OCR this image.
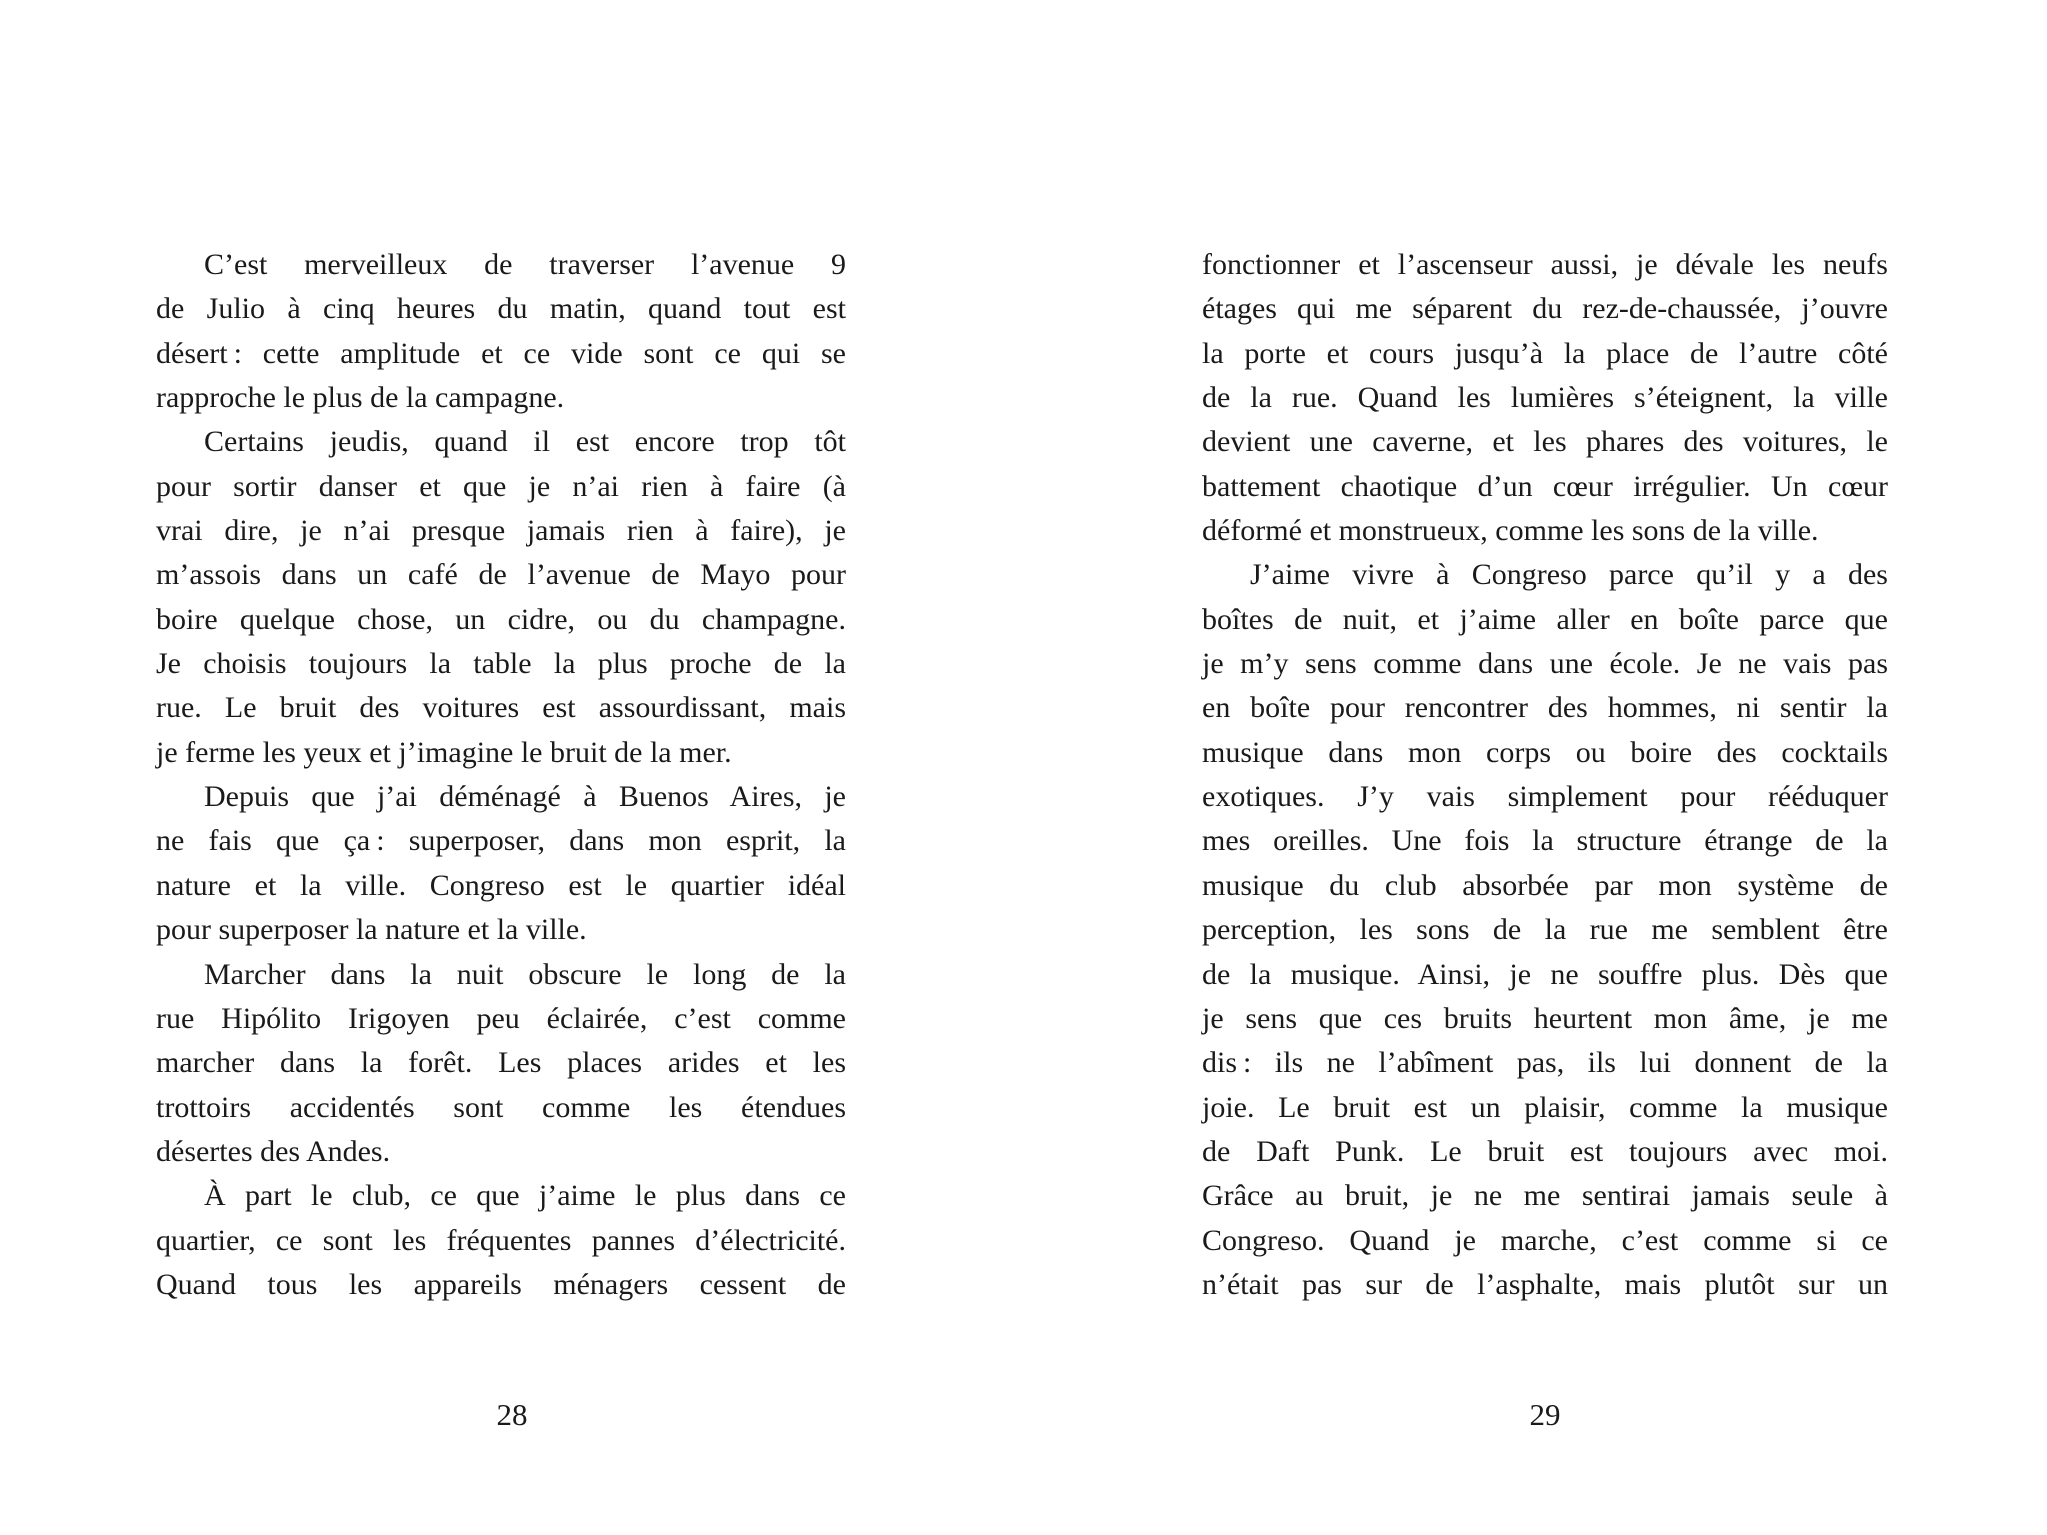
C’est merveilleux de traverser l’avenue 9
de Julio à cinq heures du matin, quand tout est
désert : cette amplitude et ce vide sont ce qui se
rapproche le plus de la campagne.
Certains jeudis, quand il est encore trop tôt
pour sortir danser et que je n’ai rien à faire (à
vrai dire, je n’ai presque jamais rien à faire), je
m’assois dans un café de l’avenue de Mayo pour
boire quelque chose, un cidre, ou du champagne.
Je choisis toujours la table la plus proche de la
rue. Le bruit des voitures est assourdissant, mais
je ferme les yeux et j’imagine le bruit de la mer.
Depuis que j’ai déménagé à Buenos Aires, je
ne fais que ça : superposer, dans mon esprit, la
nature et la ville. Congreso est le quartier idéal
pour superposer la nature et la ville.
Marcher dans la nuit obscure le long de la
rue Hipólito Irigoyen peu éclairée, c’est comme
marcher dans la forêt. Les places arides et les
trottoirs accidentés sont comme les étendues
désertes des Andes.
À part le club, ce que j’aime le plus dans ce
quartier, ce sont les fréquentes pannes d’électricité.
Quand tous les appareils ménagers cessent de
28
fonctionner et l’ascenseur aussi, je dévale les neufs
étages qui me séparent du rez-de-chaussée, j’ouvre
la porte et cours jusqu’à la place de l’autre côté
de la rue. Quand les lumières s’éteignent, la ville
devient une caverne, et les phares des voitures, le
battement chaotique d’un cœur irrégulier. Un cœur
déformé et monstrueux, comme les sons de la ville.
J’aime vivre à Congreso parce qu’il y a des
boîtes de nuit, et j’aime aller en boîte parce que
je m’y sens comme dans une école. Je ne vais pas
en boîte pour rencontrer des hommes, ni sentir la
musique dans mon corps ou boire des cocktails
exotiques. J’y vais simplement pour rééduquer
mes oreilles. Une fois la structure étrange de la
musique du club absorbée par mon système de
perception, les sons de la rue me semblent être
de la musique. Ainsi, je ne souffre plus. Dès que
je sens que ces bruits heurtent mon âme, je me
dis : ils ne l’abîment pas, ils lui donnent de la
joie. Le bruit est un plaisir, comme la musique
de Daft Punk. Le bruit est toujours avec moi.
Grâce au bruit, je ne me sentirai jamais seule à
Congreso. Quand je marche, c’est comme si ce
n’était pas sur de l’asphalte, mais plutôt sur un
29
